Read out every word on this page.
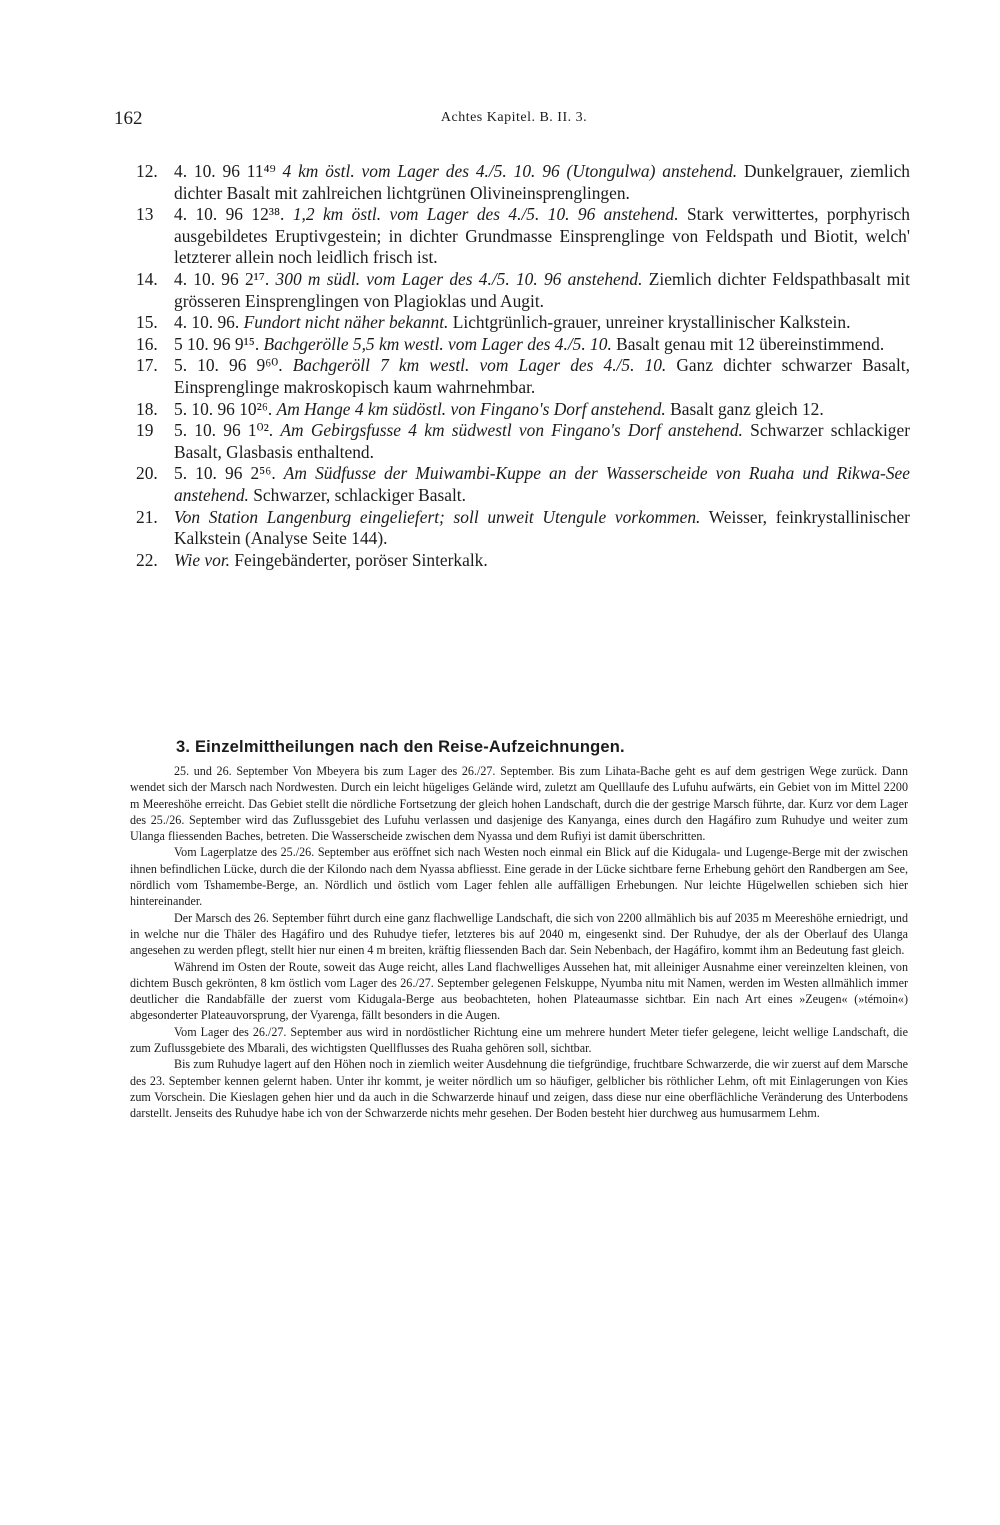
162	Achtes Kapitel. B. II. 3.

12. 4. 10. 96 11⁴⁹ 4 km östl. vom Lager des 4./5. 10. 96 (Utongulwa) anstehend. Dunkelgrauer, ziemlich dichter Basalt mit zahlreichen lichtgrünen Olivineinsprenglingen.

13 4. 10. 96 12³⁸. 1,2 km östl. vom Lager des 4./5. 10. 96 anstehend. Stark verwittertes, porphyrisch ausgebildetes Eruptivgestein; in dichter Grundmasse Einsprenglinge von Feldspath und Biotit, welch' letzterer allein noch leidlich frisch ist.

14. 4. 10. 96 2¹⁷. 300 m südl. vom Lager des 4./5. 10. 96 anstehend. Ziemlich dichter Feldspathbasalt mit grösseren Einsprenglingen von Plagioklas und Augit.

15. 4. 10. 96. Fundort nicht näher bekannt. Lichtgrünlich-grauer, unreiner krystallinischer Kalkstein.

16. 5 10. 96 9¹⁵. Bachgerölle 5,5 km westl. vom Lager des 4./5. 10. Basalt genau mit 12 übereinstimmend.

17. 5. 10. 96 9⁶⁰. Bachgeröll 7 km westl. vom Lager des 4./5. 10. Ganz dichter schwarzer Basalt, Einsprenglinge makroskopisch kaum wahrnehmbar.

18. 5. 10. 96 10²⁶. Am Hange 4 km südöstl. von Fingano's Dorf anstehend. Basalt ganz gleich 12.

19 5. 10. 96 1⁰². Am Gebirgsfusse 4 km südwestl von Fingano's Dorf anstehend. Schwarzer schlackiger Basalt, Glasbasis enthaltend.

20. 5. 10. 96 2⁵⁶. Am Südfusse der Muiwambi-Kuppe an der Wasserscheide von Ruaha und Rikwa-See anstehend. Schwarzer, schlackiger Basalt.

21. Von Station Langenburg eingeliefert; soll unweit Utengule vorkommen. Weisser, feinkrystallinischer Kalkstein (Analyse Seite 144).

22. Wie vor. Feingebänderter, poröser Sinterkalk.

3. Einzelmittheilungen nach den Reise-Aufzeichnungen.

25. und 26. September Von Mbeyera bis zum Lager des 26./27. September. Bis zum Lihata-Bache geht es auf dem gestrigen Wege zurück. Dann wendet sich der Marsch nach Nordwesten. Durch ein leicht hügeliges Gelände wird, zuletzt am Quelllaufe des Lufuhu aufwärts, ein Gebiet von im Mittel 2200 m Meereshöhe erreicht. Das Gebiet stellt die nördliche Fortsetzung der gleich hohen Landschaft, durch die der gestrige Marsch führte, dar. Kurz vor dem Lager des 25./26. September wird das Zuflussgebiet des Lufuhu verlassen und dasjenige des Kanyanga, eines durch den Hagáfiro zum Ruhudye und weiter zum Ulanga fliessenden Baches, betreten. Die Wasserscheide zwischen dem Nyassa und dem Rufiyi ist damit überschritten.

Vom Lagerplatze des 25./26. September aus eröffnet sich nach Westen noch einmal ein Blick auf die Kidugala- und Lugenge-Berge mit der zwischen ihnen befindlichen Lücke, durch die der Kilondo nach dem Nyassa abfliesst. Eine gerade in der Lücke sichtbare ferne Erhebung gehört den Randbergen am See, nördlich vom Tshamembe-Berge, an. Nördlich und östlich vom Lager fehlen alle auffälligen Erhebungen. Nur leichte Hügelwellen schieben sich hier hintereinander.

Der Marsch des 26. September führt durch eine ganz flachwellige Landschaft, die sich von 2200 allmählich bis auf 2035 m Meereshöhe erniedrigt, und in welche nur die Thäler des Hagáfiro und des Ruhudye tiefer, letzteres bis auf 2040 m, eingesenkt sind. Der Ruhudye, der als der Oberlauf des Ulanga angesehen zu werden pflegt, stellt hier nur einen 4 m breiten, kräftig fliessenden Bach dar. Sein Nebenbach, der Hagáfiro, kommt ihm an Bedeutung fast gleich.

Während im Osten der Route, soweit das Auge reicht, alles Land flachwelliges Aussehen hat, mit alleiniger Ausnahme einer vereinzelten kleinen, von dichtem Busch gekrönten, 8 km östlich vom Lager des 26./27. September gelegenen Felskuppe, Nyumba nitu mit Namen, werden im Westen allmählich immer deutlicher die Randabfälle der zuerst vom Kidugala-Berge aus beobachteten, hohen Plateaumasse sichtbar. Ein nach Art eines »Zeugen« (»témoin«) abgesonderter Plateauvorsprung, der Vyarenga, fällt besonders in die Augen.

Vom Lager des 26./27. September aus wird in nordöstlicher Richtung eine um mehrere hundert Meter tiefer gelegene, leicht wellige Landschaft, die zum Zuflussgebiete des Mbarali, des wichtigsten Quellflusses des Ruaha gehören soll, sichtbar.

Bis zum Ruhudye lagert auf den Höhen noch in ziemlich weiter Ausdehnung die tiefgründige, fruchtbare Schwarzerde, die wir zuerst auf dem Marsche des 23. September kennen gelernt haben. Unter ihr kommt, je weiter nördlich um so häufiger, gelblicher bis röthlicher Lehm, oft mit Einlagerungen von Kies zum Vorschein. Die Kieslagen gehen hier und da auch in die Schwarzerde hinauf und zeigen, dass diese nur eine oberflächliche Veränderung des Unterbodens darstellt. Jenseits des Ruhudye habe ich von der Schwarzerde nichts mehr gesehen. Der Boden besteht hier durchweg aus humusarmem Lehm.
